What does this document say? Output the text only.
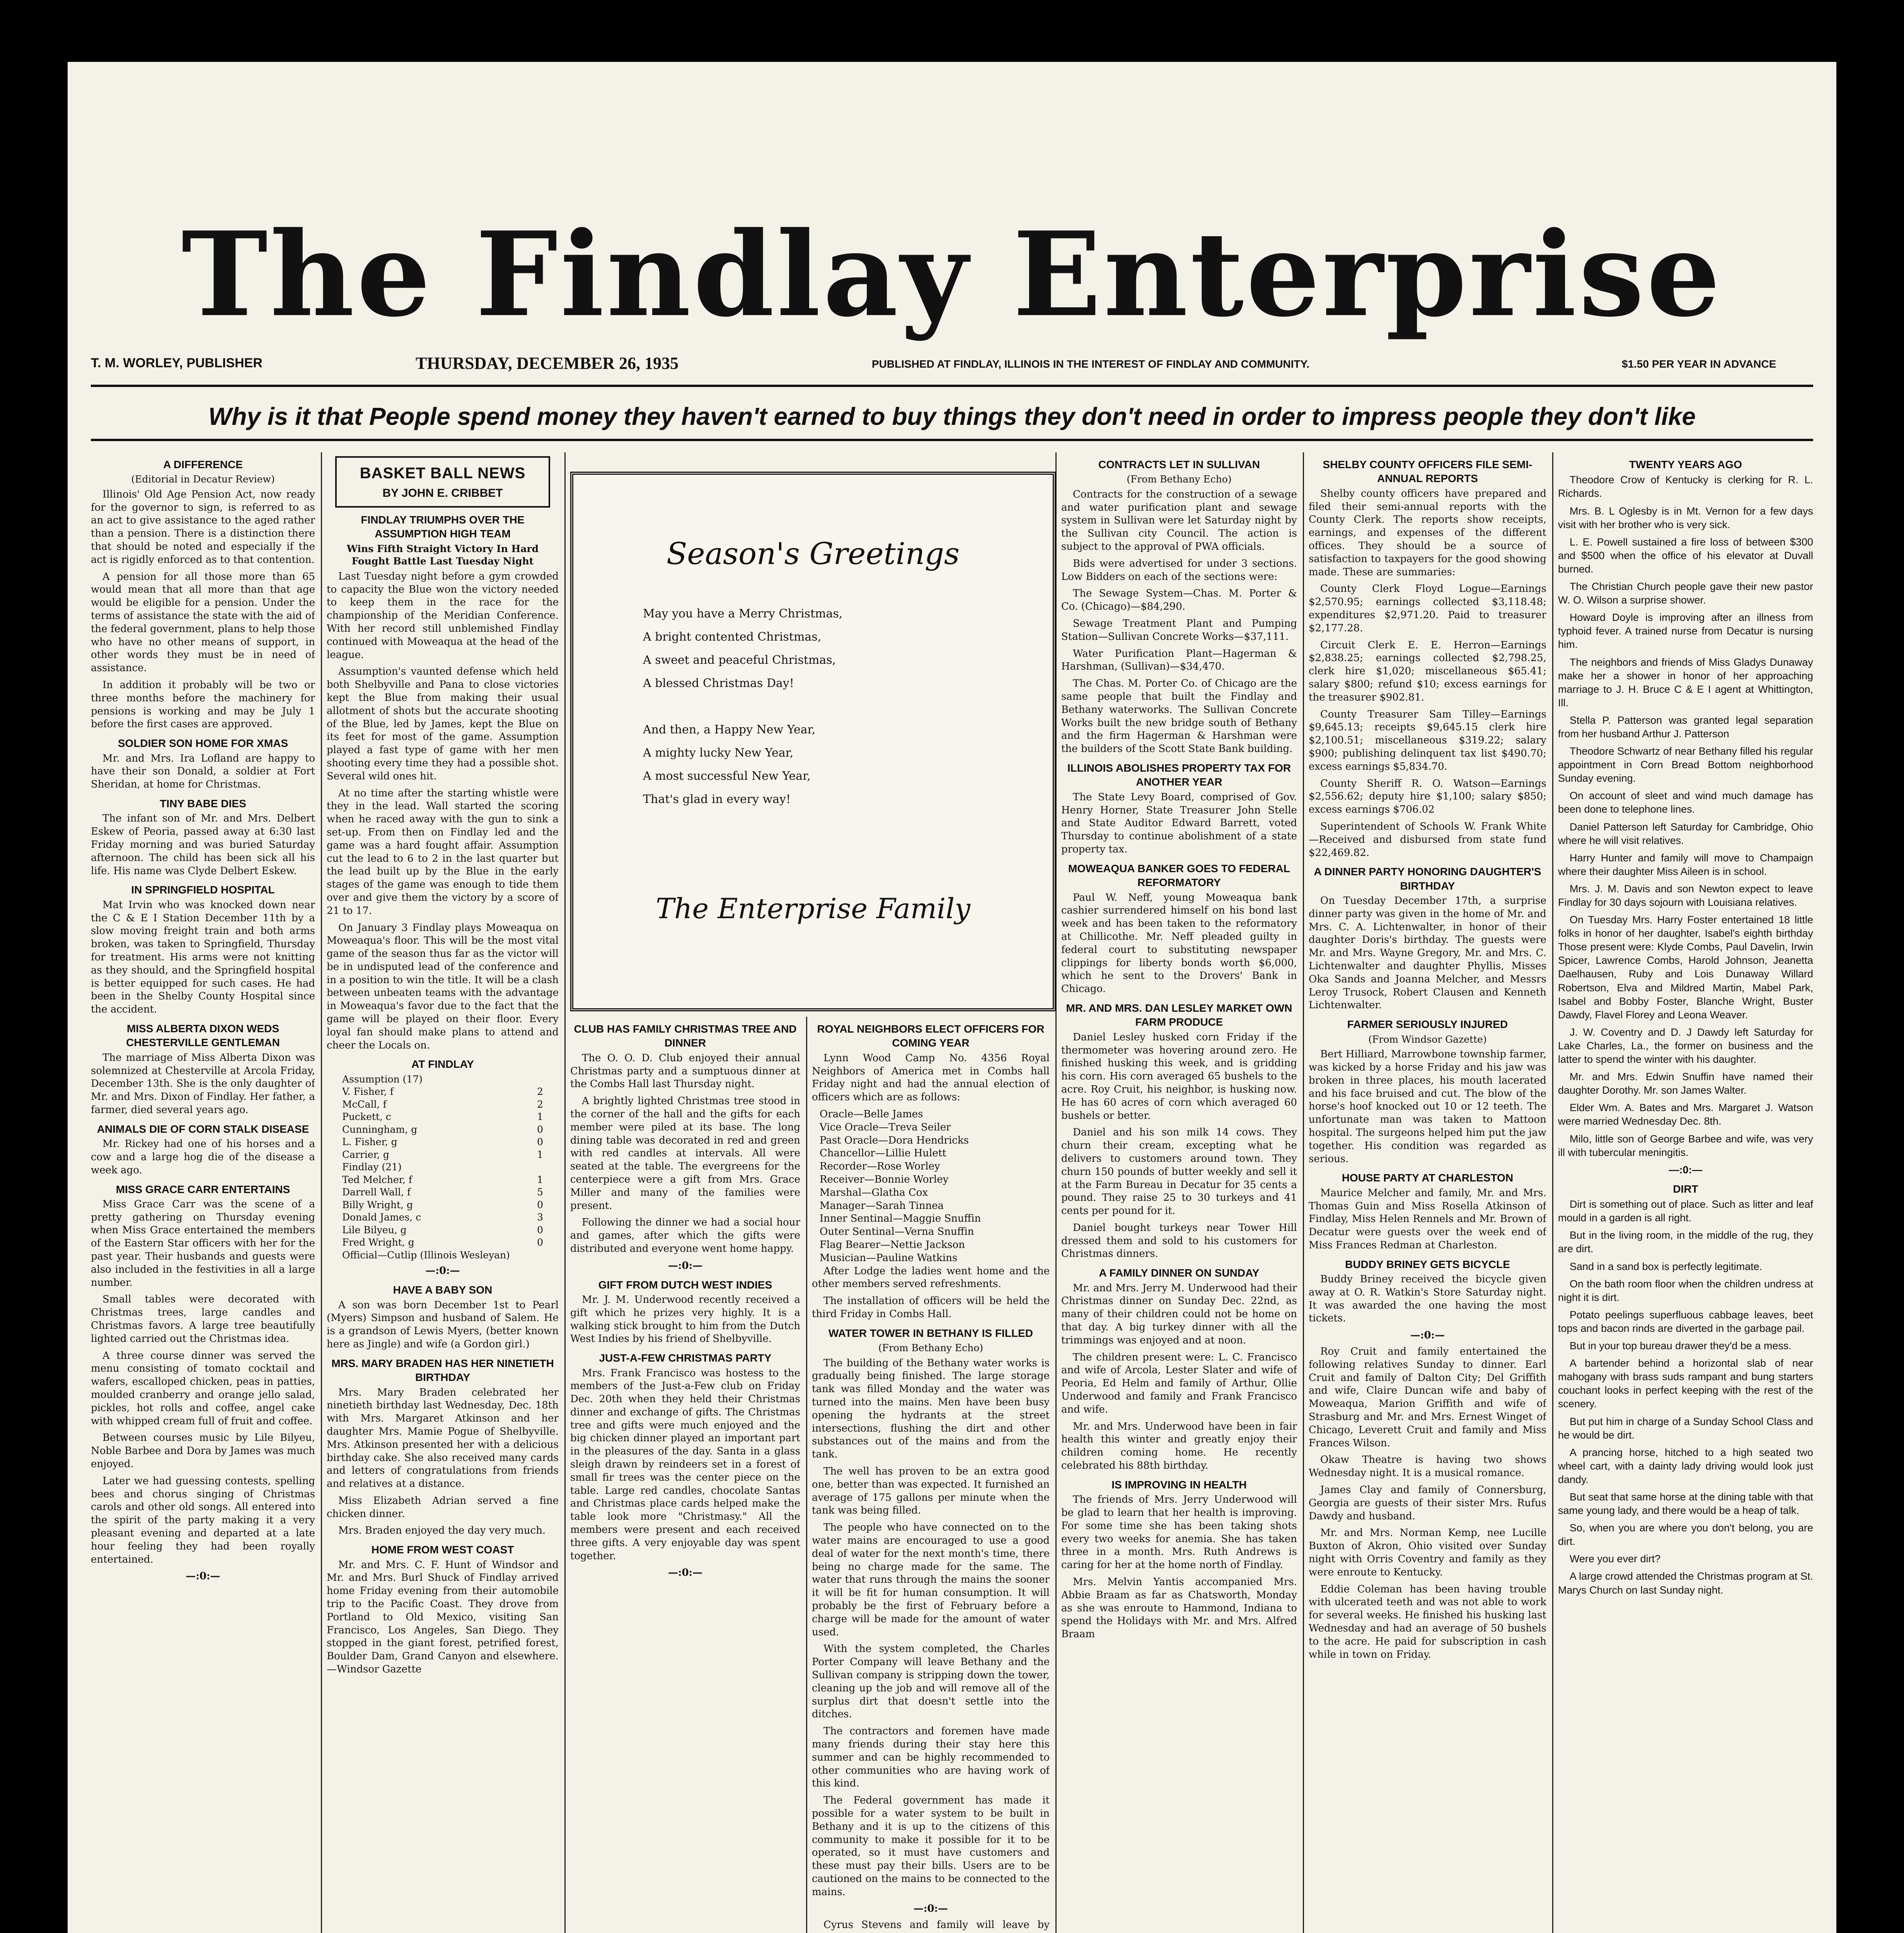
The Findlay Enterprise
T. M. WORLEY, PUBLISHER	THURSDAY, DECEMBER 26, 1935	PUBLISHED AT FINDLAY, ILLINOIS IN THE INTEREST OF FINDLAY AND COMMUNITY.	$1.50 PER YEAR IN ADVANCE
Why is it that People spend money they haven't earned to buy things they don't need in order to impress people they don't like
A DIFFERENCE
(Editorial in Decatur Review)

Illinois' Old Age Pension Act, now ready for the governor to sign, is referred to as an act to give assistance to the aged rather than a pension. There is a distinction there that should be noted and especially if the act is rigidly enforced as to that contention.

A pension for all those more than 65 would mean that all more than that age would be eligible for a pension. Under the terms of assistance the state with the aid of the federal government, plans to help those who have no other means of support, in other words they must be in need of assistance.

In addition it probably will be two or three months before the machinery for pensions is working and may be July 1 before the first cases are approved.

SOLDIER SON HOME FOR XMAS

Mr. and Mrs. Ira Lofland are happy to have their son Donald, a soldier at Fort Sheridan, at home for Christmas.

TINY BABE DIES

The infant son of Mr. and Mrs. Delbert Eskew of Peoria, passed away at 6:30 last Friday morning and was buried Saturday afternoon. The child has been sick all his life. His name was Clyde Delbert Eskew.

IN SPRINGFIELD HOSPITAL

Mat Irvin who was knocked down near the C & E I Station December 11th by a slow moving freight train and both arms broken, was taken to Springfield, Thursday for treatment. His arms were not knitting as they should, and the Springfield hospital is better equipped for such cases. He had been in the Shelby County Hospital since the accident.

MISS ALBERTA DIXON WEDS CHESTERVILLE GENTLEMAN

The marriage of Miss Alberta Dixon was solemnized at Chesterville at Arcola Friday, December 13th. She is the only daughter of Mr. and Mrs. Dixon of Findlay. Her father, a farmer, died several years ago.

ANIMALS DIE OF CORN STALK DISEASE

Mr. Rickey had one of his horses and a cow and a large hog die of the disease a week ago.

MISS GRACE CARR ENTERTAINS

Miss Grace Carr was the scene of a pretty gathering on Thursday evening when Miss Grace entertained the members of the Eastern Star officers with her for the past year. Their husbands and guests were also included in the festivities in all a large number.

Small tables were decorated with Christmas trees, large candles and Christmas favors. A large tree beautifully lighted carried out the Christmas idea.

A three course dinner was served the menu consisting of tomato cocktail and wafers, escalloped chicken, peas in patties, moulded cranberry and orange jello salad, pickles, hot rolls and coffee, angel cake with whipped cream full of fruit and coffee.

Between courses music by Lile Bilyeu, Noble Barbee and Dora by James was much enjoyed.

Later we had guessing contests, spelling bees and chorus singing of Christmas carols and other old songs. All entered into the spirit of the party making it a very pleasant evening and departed at a late hour feeling they had been royally entertained.

—:0:—
BASKET BALL NEWS
BY JOHN E. CRIBBET
FINDLAY TRIUMPHS OVER THE ASSUMPTION HIGH TEAM
Wins Fifth Straight Victory In Hard Fought Battle Last Tuesday Night

Last Tuesday night before a gym crowded to capacity the Blue won the victory needed to keep them in the race for the championship of the Meridian Conference. With her record still unblemished Findlay continued with Moweaqua at the head of the league.

Assumption's vaunted defense which held both Shelbyville and Pana to close victories kept the Blue from making their usual allotment of shots but the accurate shooting of the Blue, led by James, kept the Blue on its feet for most of the game. Assumption played a fast type of game with her men shooting every time they had a possible shot. Several wild ones hit.

At no time after the starting whistle were they in the lead. Wall started the scoring when he raced away with the gun to sink a set-up. From then on Findlay led and the game was a hard fought affair. Assumption cut the lead to 6 to 2 in the last quarter but the lead built up by the Blue in the early stages of the game was enough to tide them over and give them the victory by a score of 21 to 17.

On January 3 Findlay plays Moweaqua on Moweaqua's floor. This will be the most vital game of the season thus far as the victor will be in undisputed lead of the conference and in a position to win the title. It will be a clash between unbeaten teams with the advantage in Moweaqua's favor due to the fact that the game will be played on their floor. Every loyal fan should make plans to attend and cheer the Locals on.

AT FINDLAY
Assumption (17)
V. Fisher, f	2
McCall, f	2
Puckett, c	1
Cunningham, g	0
L. Fisher, g	0
Carrier, g	1
Findlay (21)
Ted Melcher, f	1
Darrell Wall, f	5
Billy Wright, g	0
Donald James, c	3
Lile Bilyeu, g	0
Fred Wright, g	0
Official—Cutlip (Illinois Wesleyan)
—:0:—
HAVE A BABY SON

A son was born December 1st to Pearl (Myers) Simpson and husband of Salem. He is a grandson of Lewis Myers, (better known here as Jingle) and wife (a Gordon girl.)

MRS. MARY BRADEN HAS HER NINETIETH BIRTHDAY

Mrs. Mary Braden celebrated her ninetieth birthday last Wednesday, Dec. 18th with Mrs. Margaret Atkinson and her daughter Mrs. Mamie Pogue of Shelbyville. Mrs. Atkinson presented her with a delicious birthday cake. She also received many cards and letters of congratulations from friends and relatives at a distance.

Miss Elizabeth Adrian served a fine chicken dinner.

Mrs. Braden enjoyed the day very much.

HOME FROM WEST COAST

Mr. and Mrs. C. F. Hunt of Windsor and Mr. and Mrs. Burl Shuck of Findlay arrived home Friday evening from their automobile trip to the Pacific Coast. They drove from Portland to Old Mexico, visiting San Francisco, Los Angeles, San Diego. They stopped in the giant forest, petrified forest, Boulder Dam, Grand Canyon and elsewhere.—Windsor Gazette

Season's Greetings
May you have a Merry Christmas,
A bright contented Christmas,
A sweet and peaceful Christmas,
A blessed Christmas Day!
And then, a Happy New Year,
A mighty lucky New Year,
A most successful New Year,
That's glad in every way!
The Enterprise Family
CLUB HAS FAMILY CHRISTMAS TREE AND DINNER

The O. O. D. Club enjoyed their annual Christmas party and a sumptuous dinner at the Combs Hall last Thursday night.

A brightly lighted Christmas tree stood in the corner of the hall and the gifts for each member were piled at its base. The long dining table was decorated in red and green with red candles at intervals. All were seated at the table. The evergreens for the centerpiece were a gift from Mrs. Grace Miller and many of the families were present.

Following the dinner we had a social hour and games, after which the gifts were distributed and everyone went home happy.

—:0:—
GIFT FROM DUTCH WEST INDIES

Mr. J. M. Underwood recently received a gift which he prizes very highly. It is a walking stick brought to him from the Dutch West Indies by his friend of Shelbyville.

JUST-A-FEW CHRISTMAS PARTY

Mrs. Frank Francisco was hostess to the members of the Just-a-Few club on Friday Dec. 20th when they held their Christmas dinner and exchange of gifts. The Christmas tree and gifts were much enjoyed and the big chicken dinner played an important part in the pleasures of the day. Santa in a glass sleigh drawn by reindeers set in a forest of small fir trees was the center piece on the table. Large red candles, chocolate Santas and Christmas place cards helped make the table look more "Christmasy." All the members were present and each received three gifts. A very enjoyable day was spent together.

—:0:—
ROYAL NEIGHBORS ELECT OFFICERS FOR COMING YEAR

Lynn Wood Camp No. 4356 Royal Neighbors of America met in Combs hall Friday night and had the annual election of officers which are as follows:

Oracle—Belle James
Vice Oracle—Treva Seiler
Past Oracle—Dora Hendricks
Chancellor—Lillie Hulett
Recorder—Rose Worley
Receiver—Bonnie Worley
Marshal—Glatha Cox
Manager—Sarah Tinnea
Inner Sentinal—Maggie Snuffin
Outer Sentinal—Verna Snuffin
Flag Bearer—Nettie Jackson
Musician—Pauline Watkins

After Lodge the ladies went home and the other members served refreshments.

The installation of officers will be held the third Friday in Combs Hall.

WATER TOWER IN BETHANY IS FILLED
(From Bethany Echo)

The building of the Bethany water works is gradually being finished. The large storage tank was filled Monday and the water was turned into the mains. Men have been busy opening the hydrants at the street intersections, flushing the dirt and other substances out of the mains and from the tank.

The well has proven to be an extra good one, better than was expected. It furnished an average of 175 gallons per minute when the tank was being filled.

The people who have connected on to the water mains are encouraged to use a good deal of water for the next month's time, there being no charge made for the same. The water that runs through the mains the sooner it will be fit for human consumption. It will probably be the first of February before a charge will be made for the amount of water used.

With the system completed, the Charles Porter Company will leave Bethany and the Sullivan company is stripping down the tower, cleaning up the job and will remove all of the surplus dirt that doesn't settle into the ditches.

The contractors and foremen have made many friends during their stay here this summer and can be highly recommended to other communities who are having work of this kind.

The Federal government has made it possible for a water system to be built in Bethany and it is up to the citizens of this community to make it possible for it to be operated, so it must have customers and these must pay their bills. Users are to be cautioned on the mains to be connected to the mains.

—:0:—

Cyrus Stevens and family will leave by

CONTRACTS LET IN SULLIVAN
(From Bethany Echo)

Contracts for the construction of a sewage and water purification plant and sewage system in Sullivan were let Saturday night by the Sullivan city Council. The action is subject to the approval of PWA officials.

Bids were advertised for under 3 sections. Low Bidders on each of the sections were:

The Sewage System—Chas. M. Porter & Co. (Chicago)—$84,290.

Sewage Treatment Plant and Pumping Station—Sullivan Concrete Works—$37,111.

Water Purification Plant—Hagerman & Harshman, (Sullivan)—$34,470.

The Chas. M. Porter Co. of Chicago are the same people that built the Findlay and Bethany waterworks. The Sullivan Concrete Works built the new bridge south of Bethany and the firm Hagerman & Harshman were the builders of the Scott State Bank building.

ILLINOIS ABOLISHES PROPERTY TAX FOR ANOTHER YEAR

The State Levy Board, comprised of Gov. Henry Horner, State Treasurer John Stelle and State Auditor Edward Barrett, voted Thursday to continue abolishment of a state property tax.

MOWEAQUA BANKER GOES TO FEDERAL REFORMATORY

Paul W. Neff, young Moweaqua bank cashier surrendered himself on his bond last week and has been taken to the reformatory at Chillicothe. Mr. Neff pleaded guilty in federal court to substituting newspaper clippings for liberty bonds worth $6,000, which he sent to the Drovers' Bank in Chicago.

MR. AND MRS. DAN LESLEY MARKET OWN FARM PRODUCE

Daniel Lesley husked corn Friday if the thermometer was hovering around zero. He finished husking this week, and is gridding his corn. His corn averaged 65 bushels to the acre. Roy Cruit, his neighbor, is husking now. He has 60 acres of corn which averaged 60 bushels or better.

Daniel and his son milk 14 cows. They churn their cream, excepting what he delivers to customers around town. They churn 150 pounds of butter weekly and sell it at the Farm Bureau in Decatur for 35 cents a pound. They raise 25 to 30 turkeys and 41 cents per pound for it.

Daniel bought turkeys near Tower Hill dressed them and sold to his customers for Christmas dinners.

A FAMILY DINNER ON SUNDAY

Mr. and Mrs. Jerry M. Underwood had their Christmas dinner on Sunday Dec. 22nd, as many of their children could not be home on that day. A big turkey dinner with all the trimmings was enjoyed and at noon.

The children present were: L. C. Francisco and wife of Arcola, Lester Slater and wife of Peoria, Ed Helm and family of Arthur, Ollie Underwood and family and Frank Francisco and wife.

Mr. and Mrs. Underwood have been in fair health this winter and greatly enjoy their children coming home. He recently celebrated his 88th birthday.

IS IMPROVING IN HEALTH

The friends of Mrs. Jerry Underwood will be glad to learn that her health is improving. For some time she has been taking shots every two weeks for anemia. She has taken three in a month. Mrs. Ruth Andrews is caring for her at the home north of Findlay.

Mrs. Melvin Yantis accompanied Mrs. Abbie Braam as far as Chatsworth, Monday as she was enroute to Hammond, Indiana to spend the Holidays with Mr. and Mrs. Alfred Braam

SHELBY COUNTY OFFICERS FILE SEMI-ANNUAL REPORTS

Shelby county officers have prepared and filed their semi-annual reports with the County Clerk. The reports show receipts, earnings, and expenses of the different offices. They should be a source of satisfaction to taxpayers for the good showing made. These are summaries:

County Clerk Floyd Logue—Earnings $2,570.95; earnings collected $3,118.48; expenditures $2,971.20. Paid to treasurer $2,177.28.

Circuit Clerk E. E. Herron—Earnings $2,838.25; earnings collected $2,798.25, clerk hire $1,020; miscellaneous $65.41; salary $800; refund $10; excess earnings for the treasurer $902.81.

County Treasurer Sam Tilley—Earnings $9,645.13; receipts $9,645.15 clerk hire $2,100.51; miscellaneous $319.22; salary $900; publishing delinquent tax list $490.70; excess earnings $5,834.70.

County Sheriff R. O. Watson—Earnings $2,556.62; deputy hire $1,100; salary $850; excess earnings $706.02

Superintendent of Schools W. Frank White—Received and disbursed from state fund $22,469.82.

A DINNER PARTY HONORING DAUGHTER'S BIRTHDAY

On Tuesday December 17th, a surprise dinner party was given in the home of Mr. and Mrs. C. A. Lichtenwalter, in honor of their daughter Doris's birthday. The guests were Mr. and Mrs. Wayne Gregory, Mr. and Mrs. C. Lichtenwalter and daughter Phyllis, Misses Oka Sands and Joanna Melcher, and Messrs Leroy Trusock, Robert Clausen and Kenneth Lichtenwalter.

FARMER SERIOUSLY INJURED
(From Windsor Gazette)

Bert Hilliard, Marrowbone township farmer, was kicked by a horse Friday and his jaw was broken in three places, his mouth lacerated and his face bruised and cut. The blow of the horse's hoof knocked out 10 or 12 teeth. The unfortunate man was taken to Mattoon hospital. The surgeons helped him put the jaw together. His condition was regarded as serious.

HOUSE PARTY AT CHARLESTON

Maurice Melcher and family, Mr. and Mrs. Thomas Guin and Miss Rosella Atkinson of Findlay, Miss Helen Rennels and Mr. Brown of Decatur were guests over the week end of Miss Frances Redman at Charleston.

BUDDY BRINEY GETS BICYCLE

Buddy Briney received the bicycle given away at O. R. Watkin's Store Saturday night. It was awarded the one having the most tickets.

—:0:—

Roy Cruit and family entertained the following relatives Sunday to dinner. Earl Cruit and family of Dalton City; Del Griffith and wife, Claire Duncan wife and baby of Moweaqua, Marion Griffith and wife of Strasburg and Mr. and Mrs. Ernest Winget of Chicago, Leverett Cruit and family and Miss Frances Wilson.

Okaw Theatre is having two shows Wednesday night. It is a musical romance.

James Clay and family of Connersburg, Georgia are guests of their sister Mrs. Rufus Dawdy and husband.

Mr. and Mrs. Norman Kemp, nee Lucille Buxton of Akron, Ohio visited over Sunday night with Orris Coventry and family as they were enroute to Kentucky.

Eddie Coleman has been having trouble with ulcerated teeth and was not able to work for several weeks. He finished his husking last Wednesday and had an average of 50 bushels to the acre. He paid for subscription in cash while in town on Friday.

TWENTY YEARS AGO

Theodore Crow of Kentucky is clerking for R. L. Richards.

Mrs. B. L Oglesby is in Mt. Vernon for a few days visit with her brother who is very sick.

L. E. Powell sustained a fire loss of between $300 and $500 when the office of his elevator at Duvall burned.

The Christian Church people gave their new pastor W. O. Wilson a surprise shower.

Howard Doyle is improving after an illness from typhoid fever. A trained nurse from Decatur is nursing him.

The neighbors and friends of Miss Gladys Dunaway make her a shower in honor of her approaching marriage to J. H. Bruce C & E I agent at Whittington, Ill.

Stella P. Patterson was granted legal separation from her husband Arthur J. Patterson

Theodore Schwartz of near Bethany filled his regular appointment in Corn Bread Bottom neighborhood Sunday evening.

On account of sleet and wind much damage has been done to telephone lines.

Daniel Patterson left Saturday for Cambridge, Ohio where he will visit relatives.

Harry Hunter and family will move to Champaign where their daughter Miss Aileen is in school.

Mrs. J. M. Davis and son Newton expect to leave Findlay for 30 days sojourn with Louisiana relatives.

On Tuesday Mrs. Harry Foster entertained 18 little folks in honor of her daughter, Isabel's eighth birthday Those present were: Klyde Combs, Paul Davelin, Irwin Spicer, Lawrence Combs, Harold Johnson, Jeanetta Daelhausen, Ruby and Lois Dunaway Willard Robertson, Elva and Mildred Martin, Mabel Park, Isabel and Bobby Foster, Blanche Wright, Buster Dawdy, Flavel Florey and Leona Weaver.

J. W. Coventry and D. J Dawdy left Saturday for Lake Charles, La., the former on business and the latter to spend the winter with his daughter.

Mr. and Mrs. Edwin Snuffin have named their daughter Dorothy. Mr. son James Walter.

Elder Wm. A. Bates and Mrs. Margaret J. Watson were married Wednesday Dec. 8th.

Milo, little son of George Barbee and wife, was very ill with tubercular meningitis.

—:0:—
DIRT

Dirt is something out of place. Such as litter and leaf mould in a garden is all right.

But in the living room, in the middle of the rug, they are dirt.

Sand in a sand box is perfectly legitimate.

On the bath room floor when the children undress at night it is dirt.

Potato peelings superfluous cabbage leaves, beet tops and bacon rinds are diverted in the garbage pail.

But in your top bureau drawer they'd be a mess.

A bartender behind a horizontal slab of near mahogany with brass suds rampant and bung starters couchant looks in perfect keeping with the rest of the scenery.

But put him in charge of a Sunday School Class and he would be dirt.

A prancing horse, hitched to a high seated two wheel cart, with a dainty lady driving would look just dandy.

But seat that same horse at the dining table with that same young lady, and there would be a heap of talk.

So, when you are where you don't belong, you are dirt.

Were you ever dirt?

A large crowd attended the Christmas program at St. Marys Church on last Sunday night.
